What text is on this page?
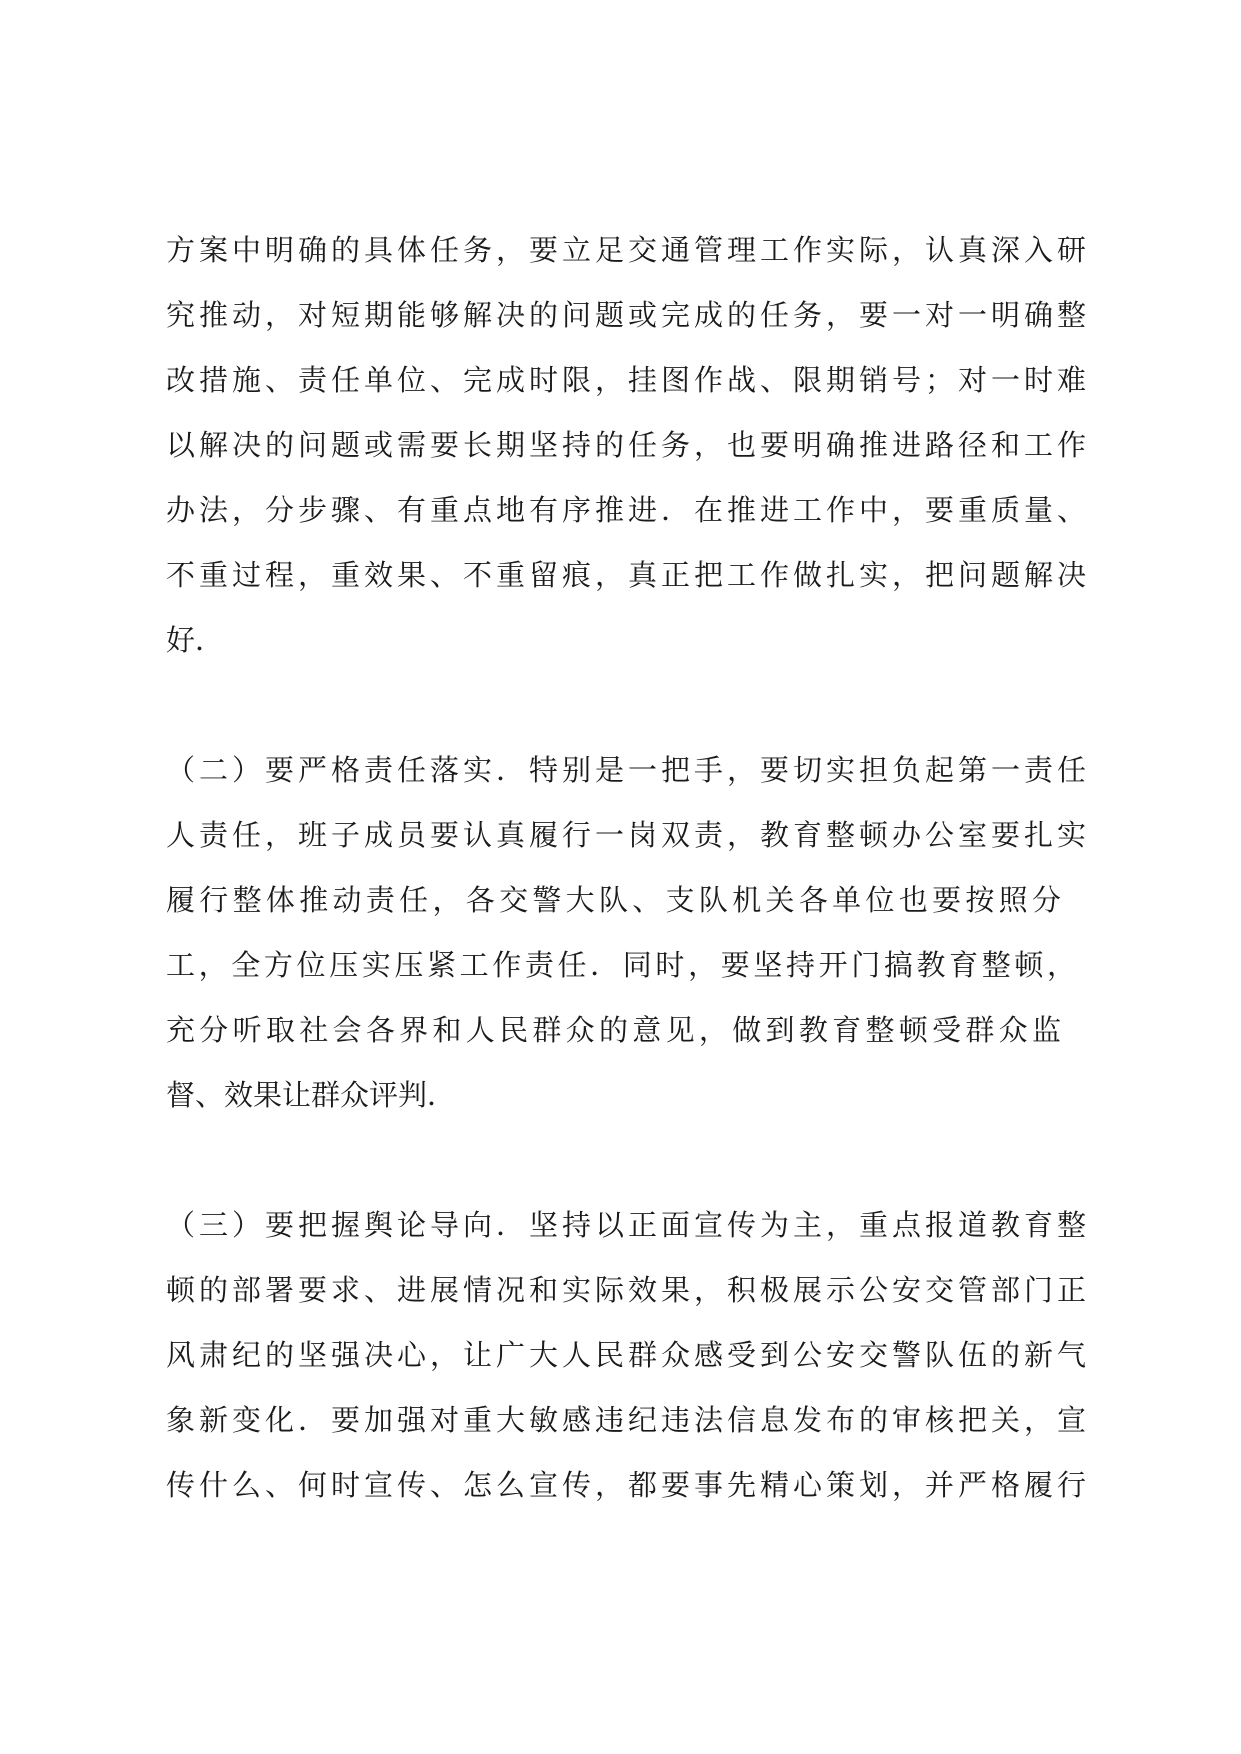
方案中明确的具体任务，要立足交通管理工作实际，认真深入研
究推动，对短期能够解决的问题或完成的任务，要一对一明确整
改措施、责任单位、完成时限，挂图作战、限期销号；对一时难
以解决的问题或需要长期坚持的任务，也要明确推进路径和工作
办法，分步骤、有重点地有序推进．在推进工作中，要重质量、
不重过程，重效果、不重留痕，真正把工作做扎实，把问题解决
好．
（二）要严格责任落实．特别是一把手，要切实担负起第一责任
人责任，班子成员要认真履行一岗双责，教育整顿办公室要扎实
履行整体推动责任，各交警大队、支队机关各单位也要按照分
工，全方位压实压紧工作责任．同时，要坚持开门搞教育整顿，
充分听取社会各界和人民群众的意见，做到教育整顿受群众监
督、效果让群众评判．
（三）要把握舆论导向．坚持以正面宣传为主，重点报道教育整
顿的部署要求、进展情况和实际效果，积极展示公安交管部门正
风肃纪的坚强决心，让广大人民群众感受到公安交警队伍的新气
象新变化．要加强对重大敏感违纪违法信息发布的审核把关，宣
传什么、何时宣传、怎么宣传，都要事先精心策划，并严格履行
